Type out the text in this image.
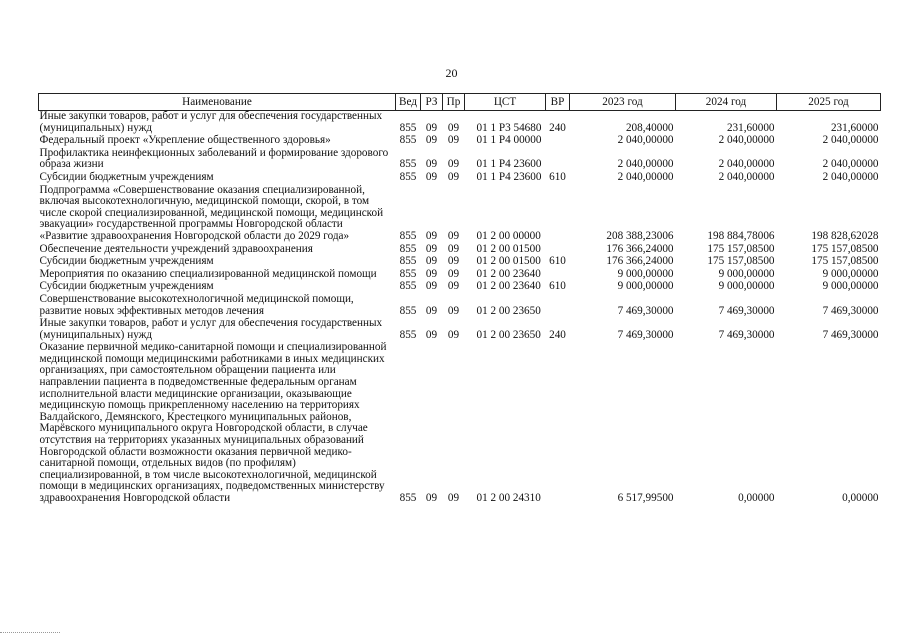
20
Наименование	Вед	РЗ	Пр	ЦСТ	ВР	2023 год	2024 год	2025 год
Иные закупки товаров, работ и услуг для обеспечения государственных (муниципальных) нужд	855	09	09	01 1 Р3 54680	240	208,40000	231,60000	231,60000
Федеральный проект «Укрепление общественного здоровья»	855	09	09	01 1 Р4 00000		2 040,00000	2 040,00000	2 040,00000
Профилактика неинфекционных заболеваний и формирование здорового образа жизни	855	09	09	01 1 Р4 23600		2 040,00000	2 040,00000	2 040,00000
Субсидии бюджетным учреждениям	855	09	09	01 1 Р4 23600	610	2 040,00000	2 040,00000	2 040,00000
Подпрограмма «Совершенствование оказания специализированной, включая высокотехнологичную, медицинской помощи, скорой, в том числе скорой специализированной, медицинской помощи, медицинской эвакуации» государственной программы Новгородской области «Развитие здравоохранения Новгородской области до 2029 года»	855	09	09	01 2 00 00000		208 388,23006	198 884,78006	198 828,62028
Обеспечение деятельности учреждений здравоохранения	855	09	09	01 2 00 01500		176 366,24000	175 157,08500	175 157,08500
Субсидии бюджетным учреждениям	855	09	09	01 2 00 01500	610	176 366,24000	175 157,08500	175 157,08500
Мероприятия по оказанию специализированной медицинской помощи	855	09	09	01 2 00 23640		9 000,00000	9 000,00000	9 000,00000
Субсидии бюджетным учреждениям	855	09	09	01 2 00 23640	610	9 000,00000	9 000,00000	9 000,00000
Совершенствование высокотехнологичной медицинской помощи, развитие новых эффективных методов лечения	855	09	09	01 2 00 23650		7 469,30000	7 469,30000	7 469,30000
Иные закупки товаров, работ и услуг для обеспечения государственных (муниципальных) нужд	855	09	09	01 2 00 23650	240	7 469,30000	7 469,30000	7 469,30000
Оказание первичной медико-санитарной помощи и специализированной медицинской помощи медицинскими работниками в иных медицинских организациях, при самостоятельном обращении пациента или направлении пациента в подведомственные федеральным органам исполнительной власти медицинские организации, оказывающие медицинскую помощь прикрепленному населению на территориях Валдайского, Демянского, Крестецкого муниципальных районов, Марёвского муниципального округа Новгородской области, в случае отсутствия на территориях указанных муниципальных образований Новгородской области возможности оказания первичной медико-санитарной помощи, отдельных видов (по профилям) специализированной, в том числе высокотехнологичной, медицинской помощи в медицинских организациях, подведомственных министерству здравоохранения Новгородской области	855	09	09	01 2 00 24310		6 517,99500	0,00000	0,00000
